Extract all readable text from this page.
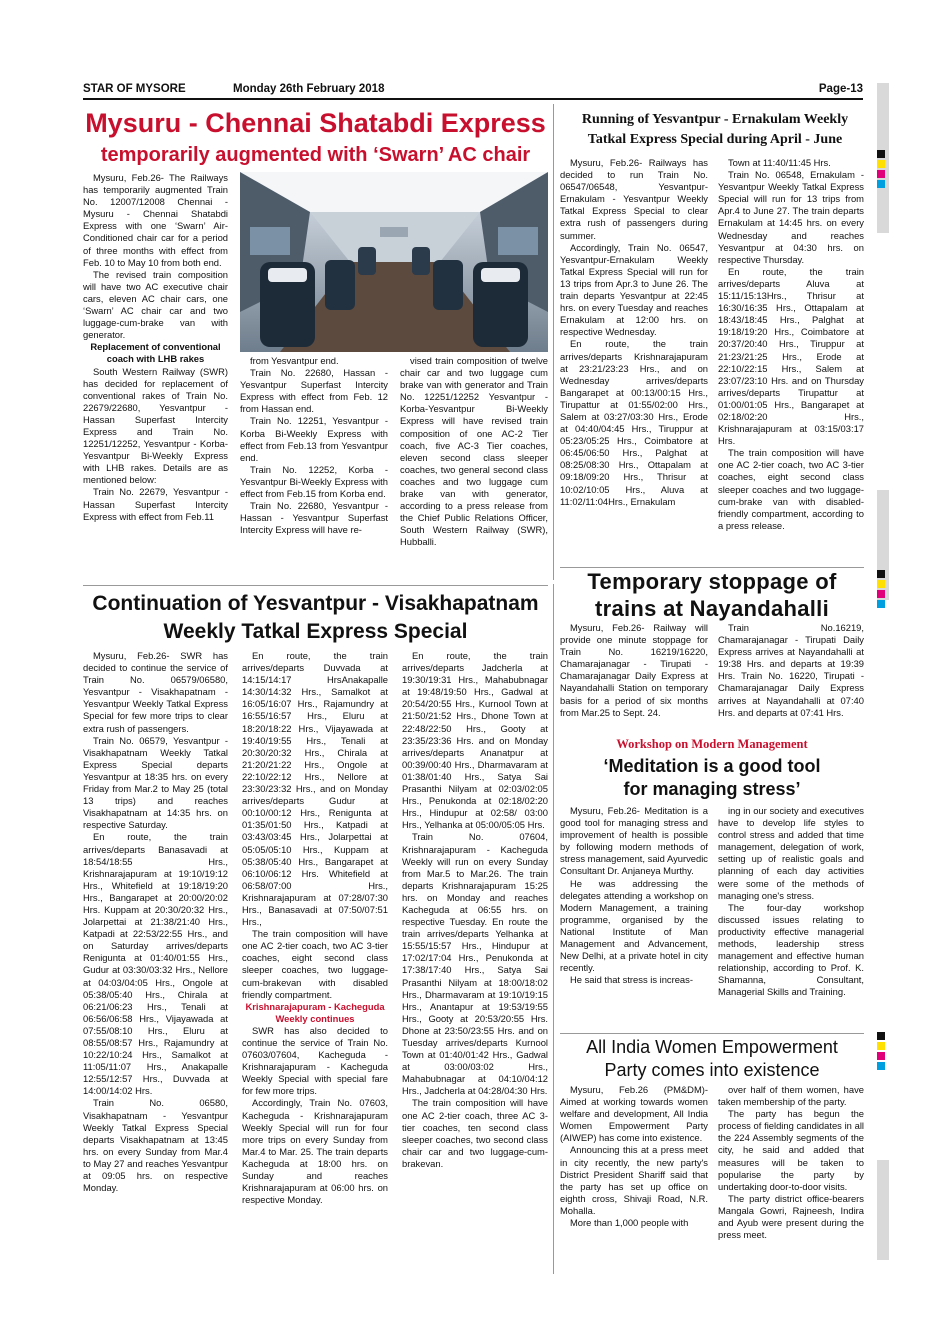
STAR OF MYSORE	Monday 26th February 2018	Page-13
Mysuru - Chennai Shatabdi Express
temporarily augmented with ‘Swarn’ AC chair

Mysuru, Feb.26- The Railways has temporarily augmented Train No. 12007/12008 Chennai - Mysuru - Chennai Shatabdi Express with one ‘Swarn’ Air-Conditioned chair car for a period of three months with effect from Feb. 10 to May 10 from both end.

The revised train composition will have two AC executive chair cars, eleven AC chair cars, one ‘Swarn’ AC chair car and two luggage-cum-brake van with generator.

Replacement of conventional coach with LHB rakes

South Western Railway (SWR) has decided for replacement of conventional rakes of Train No. 22679/22680, Yesvantpur - Hassan Superfast Intercity Express and Train No. 12251/12252, Yesvantpur - Korba-Yesvantpur Bi-Weekly Express with LHB rakes. Details are as mentioned below:

Train No. 22679, Yesvantpur - Hassan Superfast Intercity Express with effect from Feb.11

from Yesvantpur end.

Train No. 22680, Hassan - Yesvantpur Superfast Intercity Express with effect from Feb. 12 from Hassan end.

Train No. 12251, Yesvantpur - Korba Bi-Weekly Express with effect from Feb.13 from Yesvantpur end.

Train No. 12252, Korba - Yesvantpur Bi-Weekly Express with effect from Feb.15 from Korba end.

Train No. 22680, Yesvantpur -Hassan - Yesvantpur Superfast Intercity Express will have re-

vised train composition of twelve chair car and two luggage cum brake van with generator and Train No. 12251/12252 Yesvantpur - Korba-Yesvantpur Bi-Weekly Express will have revised train composition of one AC-2 Tier coach, five AC-3 Tier coaches, eleven second class sleeper coaches, two general second class coaches and two luggage cum brake van with generator, according to a press release from the Chief Public Relations Officer, South Western Railway (SWR), Hubballi.

Running of Yesvantpur - Ernakulam Weekly
Tatkal Express Special during April - June

Mysuru, Feb.26- Railways has decided to run Train No. 06547/06548, Yesvantpur-Ernakulam - Yesvantpur Weekly Tatkal Express Special to clear extra rush of passengers during summer.

Accordingly, Train No. 06547, Yesvantpur-Ernakulam Weekly Tatkal Express Special will run for 13 trips from Apr.3 to June 26. The train departs Yesvantpur at 22:45 hrs. on every Tuesday and reaches Ernakulam at 12:00 hrs. on respective Wednesday.

En route, the train arrives/departs Krishnarajapuram at 23:21/23:23 Hrs., and on Wednesday arrives/departs Bangarapet at 00:13/00:15 Hrs., Tirupattur at 01:55/02:00 Hrs., Salem at 03:27/03:30 Hrs., Erode at 04:40/04:45 Hrs., Tiruppur at 05:23/05:25 Hrs., Coimbatore at 06:45/06:50 Hrs., Palghat at 08:25/08:30 Hrs., Ottapalam at 09:18/09:20 Hrs., Thrisur at 10:02/10:05 Hrs., Aluva at 11:02/11:04Hrs., Ernakulam

Town at 11:40/11:45 Hrs.

Train No. 06548, Ernakulam -Yesvantpur Weekly Tatkal Express Special will run for 13 trips from Apr.4 to June 27. The train departs Ernakulam at 14:45 hrs. on every Wednesday and reaches Yesvantpur at 04:30 hrs. on respective Thursday.

En route, the train arrives/departs Aluva at 15:11/15:13Hrs., Thrisur at 16:30/16:35 Hrs., Ottapalam at 18:43/18:45 Hrs., Palghat at 19:18/19:20 Hrs., Coimbatore at 20:37/20:40 Hrs., Tiruppur at 21:23/21:25 Hrs., Erode at 22:10/22:15 Hrs., Salem at 23:07/23:10 Hrs. and on Thursday arrives/departs Tirupattur at 01:00/01:05 Hrs., Bangarapet at 02:18/02:20 Hrs., Krishnarajapuram at 03:15/03:17 Hrs.

The train composition will have one AC 2-tier coach, two AC 3-tier coaches, eight second class sleeper coaches and two luggage-cum-brake van with disabled-friendly compartment, according to a press release.

Continuation of Yesvantpur - Visakhapatnam
Weekly Tatkal Express Special

Mysuru, Feb.26- SWR has decided to continue the service of Train No. 06579/06580, Yesvantpur - Visakhapatnam - Yesvantpur Weekly Tatkal Express Special for few more trips to clear extra rush of passengers.

Train No. 06579, Yesvantpur - Visakhapatnam Weekly Tatkal Express Special departs Yesvantpur at 18:35 hrs. on every Friday from Mar.2 to May 25 (total 13 trips) and reaches Visakhapatnam at 14:35 hrs. on respective Saturday.

En route, the train arrives/departs Banasavadi at 18:54/18:55 Hrs., Krishnarajapuram at 19:10/19:12 Hrs., Whitefield at 19:18/19:20 Hrs., Bangarapet at 20:00/20:02 Hrs. Kuppam at 20:30/20:32 Hrs., Jolarpettai at 21:38/21:40 Hrs., Katpadi at 22:53/22:55 Hrs., and on Saturday arrives/departs Renigunta at 01:40/01:55 Hrs., Gudur at 03:30/03:32 Hrs., Nellore at 04:03/04:05 Hrs., Ongole at 05:38/05:40 Hrs., Chirala at 06:21/06:23 Hrs., Tenali at 06:56/06:58 Hrs., Vijayawada at 07:55/08:10 Hrs., Eluru at 08:55/08:57 Hrs., Rajamundry at 10:22/10:24 Hrs., Samalkot at 11:05/11:07 Hrs., Anakapalle 12:55/12:57 Hrs., Duvvada at 14:00/14:02 Hrs.

Train No. 06580, Visakhapatnam - Yesvantpur Weekly Tatkal Express Special departs Visakhapatnam at 13:45 hrs. on every Sunday from Mar.4 to May 27 and reaches Yesvantpur at 09:05 hrs. on respective Monday.

En route, the train arrives/departs Duvvada at 14:15/14:17 HrsAnakapalle 14:30/14:32 Hrs., Samalkot at 16:05/16:07 Hrs., Rajamundry at 16:55/16:57 Hrs., Eluru at 18:20/18:22 Hrs., Vijayawada at 19:40/19:55 Hrs., Tenali at 20:30/20:32 Hrs., Chirala at 21:20/21:22 Hrs., Ongole at 22:10/22:12 Hrs., Nellore at 23:30/23:32 Hrs., and on Monday arrives/departs Gudur at 00:10/00:12 Hrs., Renigunta at 01:35/01:50 Hrs., Katpadi at 03:43/03:45 Hrs., Jolarpettai at 05:05/05:10 Hrs., Kuppam at 05:38/05:40 Hrs., Bangarapet at 06:10/06:12 Hrs. Whitefield at 06:58/07:00 Hrs., Krishnarajapuram at 07:28/07:30 Hrs., Banasavadi at 07:50/07:51 Hrs.,

The train composition will have one AC 2-tier coach, two AC 3-tier coaches, eight second class sleeper coaches, two luggage-cum-brakevan with disabled friendly compartment.

Krishnarajapuram - Kacheguda Weekly continues

SWR has also decided to continue the service of Train No. 07603/07604, Kacheguda - Krishnarajapuram - Kacheguda Weekly Special with special fare for few more trips.

Accordingly, Train No. 07603, Kacheguda - Krishnarajapuram Weekly Special will run for four more trips on every Sunday from Mar.4 to Mar. 25. The train departs Kacheguda at 18:00 hrs. on Sunday and reaches Krishnarajapuram at 06:00 hrs. on respective Monday.

En route, the train arrives/departs Jadcherla at 19:30/19:31 Hrs., Mahabubnagar at 19:48/19:50 Hrs., Gadwal at 20:54/20:55 Hrs., Kurnool Town at 21:50/21:52 Hrs., Dhone Town at 22:48/22:50 Hrs., Gooty at 23:35/23:36 Hrs. and on Monday arrives/departs Ananatpur at 00:39/00:40 Hrs., Dharmavaram at 01:38/01:40 Hrs., Satya Sai Prasanthi Nilyam at 02:03/02:05 Hrs., Penukonda at 02:18/02:20 Hrs., Hindupur at 02:58/ 03:00 Hrs., Yelhanka at 05:00/05:05 Hrs.

Train No. 07604, Krishnarajapuram - Kacheguda Weekly will run on every Sunday from Mar.5 to Mar.26. The train departs Krishnarajapuram 15:25 hrs. on Monday and reaches Kacheguda at 06:55 hrs. on respective Tuesday. En route the train arrives/departs Yelhanka at 15:55/15:57 Hrs., Hindupur at 17:02/17:04 Hrs., Penukonda at 17:38/17:40 Hrs., Satya Sai Prasanthi Nilyam at 18:00/18:02 Hrs., Dharmavaram at 19:10/19:15 Hrs., Anantapur at 19:53/19:55 Hrs., Gooty at 20:53/20:55 Hrs. Dhone at 23:50/23:55 Hrs. and on Tuesday arrives/departs Kurnool Town at 01:40/01:42 Hrs., Gadwal at 03:00/03:02 Hrs., Mahabubnagar at 04:10/04:12 Hrs., Jadcherla at 04:28/04:30 Hrs.

The train composition will have one AC 2-tier coach, three AC 3-tier coaches, ten second class sleeper coaches, two second class chair car and two luggage-cum-brakevan.

Temporary stoppage of
trains at Nayandahalli

Mysuru, Feb.26- Railway will provide one minute stoppage for Train No. 16219/16220, Chamarajanagar - Tirupati - Chamarajanagar Daily Express at Nayandahalli Station on temporary basis for a period of six months from Mar.25 to Sept. 24.

Train No.16219, Chamarajanagar - Tirupati Daily Express arrives at Nayandahalli at 19:38 Hrs. and departs at 19:39 Hrs. Train No. 16220, Tirupati - Chamarajanagar Daily Express arrives at Nayandahalli at 07:40 Hrs. and departs at 07:41 Hrs.

Workshop on Modern Management
‘Meditation is a good tool
for managing stress’

Mysuru, Feb.26- Meditation is a good tool for managing stress and improvement of health is possible by following modern methods of stress management, said Ayurvedic Consultant Dr. Anjaneya Murthy.

He was addressing the delegates attending a workshop on Modern Management, a training programme, organised by the National Institute of Man Management and Advancement, New Delhi, at a private hotel in city recently.

He said that stress is increas-

ing in our society and executives have to develop life styles to control stress and added that time management, delegation of work, setting up of realistic goals and planning of each day activities were some of the methods of managing one's stress.

The four-day workshop discussed issues relating to productivity effective managerial methods, leadership stress management and effective human relationship, according to Prof. K. Shamanna, Consultant, Managerial Skills and Training.

All India Women Empowerment
Party comes into existence

Mysuru, Feb.26 (PM&DM)- Aimed at working towards women welfare and development, All India Women Empowerment Party (AIWEP) has come into existence.

Announcing this at a press meet in city recently, the new party's District President Shariff said that the party has set up office on eighth cross, Shivaji Road, N.R. Mohalla.

More than 1,000 people with

over half of them women, have taken membership of the party.

The party has begun the process of fielding candidates in all the 224 Assembly segments of the city, he said and added that measures will be taken to popularise the party by undertaking door-to-door visits.

The party district office-bearers Mangala Gowri, Rajneesh, Indira and Ayub were present during the press meet.
